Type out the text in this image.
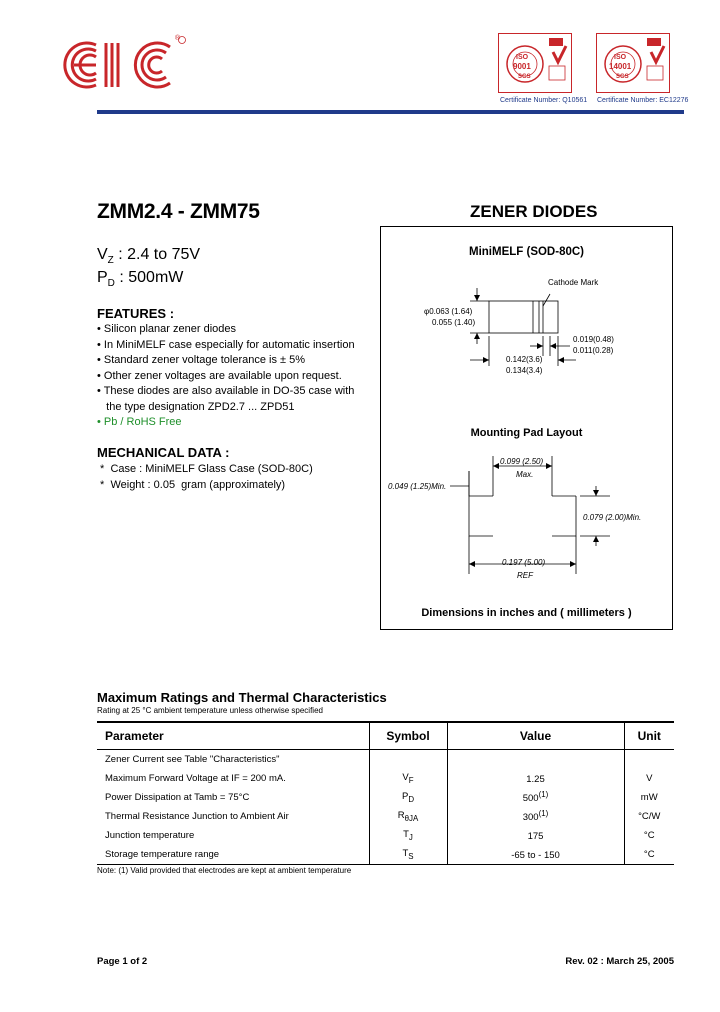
®
ISO
9001
SGS
ISO
14001
SGS
Certificate Number: Q10561 Certificate Number: EC12276
ZMM2.4 - ZMM75	ZENER DIODES
$V_Z$ : 2.4 to 75V
$P_D$ : 500mW
FEATURES :
• Silicon planar zener diodes
• In MiniMELF case especially for automatic insertion
• Standard zener voltage tolerance is ± 5%
• Other zener voltages are available upon request.
• These diodes are also available in DO-35 case with
the type designation ZPD2.7 ... ZPD51
• Pb / RoHS Free
MECHANICAL DATA :
*  Case : MiniMELF Glass Case (SOD-80C)
*  Weight : 0.05  gram (approximately)
MiniMELF (SOD-80C)
Mounting Pad Layout
Dimensions in inches and ( millimeters )
Cathode Mark
φ0.063 (1.64)
0.055 (1.40)
0.019(0.48)
0.011(0.28)
0.142(3.6)
0.134(3.4)
0.099 (2.50)
Max.
0.049 (1.25)Min.
0.079 (2.00)Min.
0.197 (5.00)
REF
Maximum Ratings and Thermal Characteristics
Rating at 25 °C ambient temperature unless otherwise specified
Parameter	Symbol	Value	Unit
Zener Current see Table "Characteristics"			
Maximum Forward Voltage at IF = 200 mA.	$V_F$	1.25	V
Power Dissipation at Tamb = 75°C	$P_D$	500$^{(1)}$	mW
Thermal Resistance Junction to Ambient Air	$R_{\theta JA}$	300$^{(1)}$	°C/W
Junction temperature	$T_J$	175	°C
Storage temperature range	$T_S$	-65 to - 150	°C
Note: (1) Valid provided that electrodes are kept at ambient temperature
Page 1 of 2	Rev. 02 : March 25, 2005
